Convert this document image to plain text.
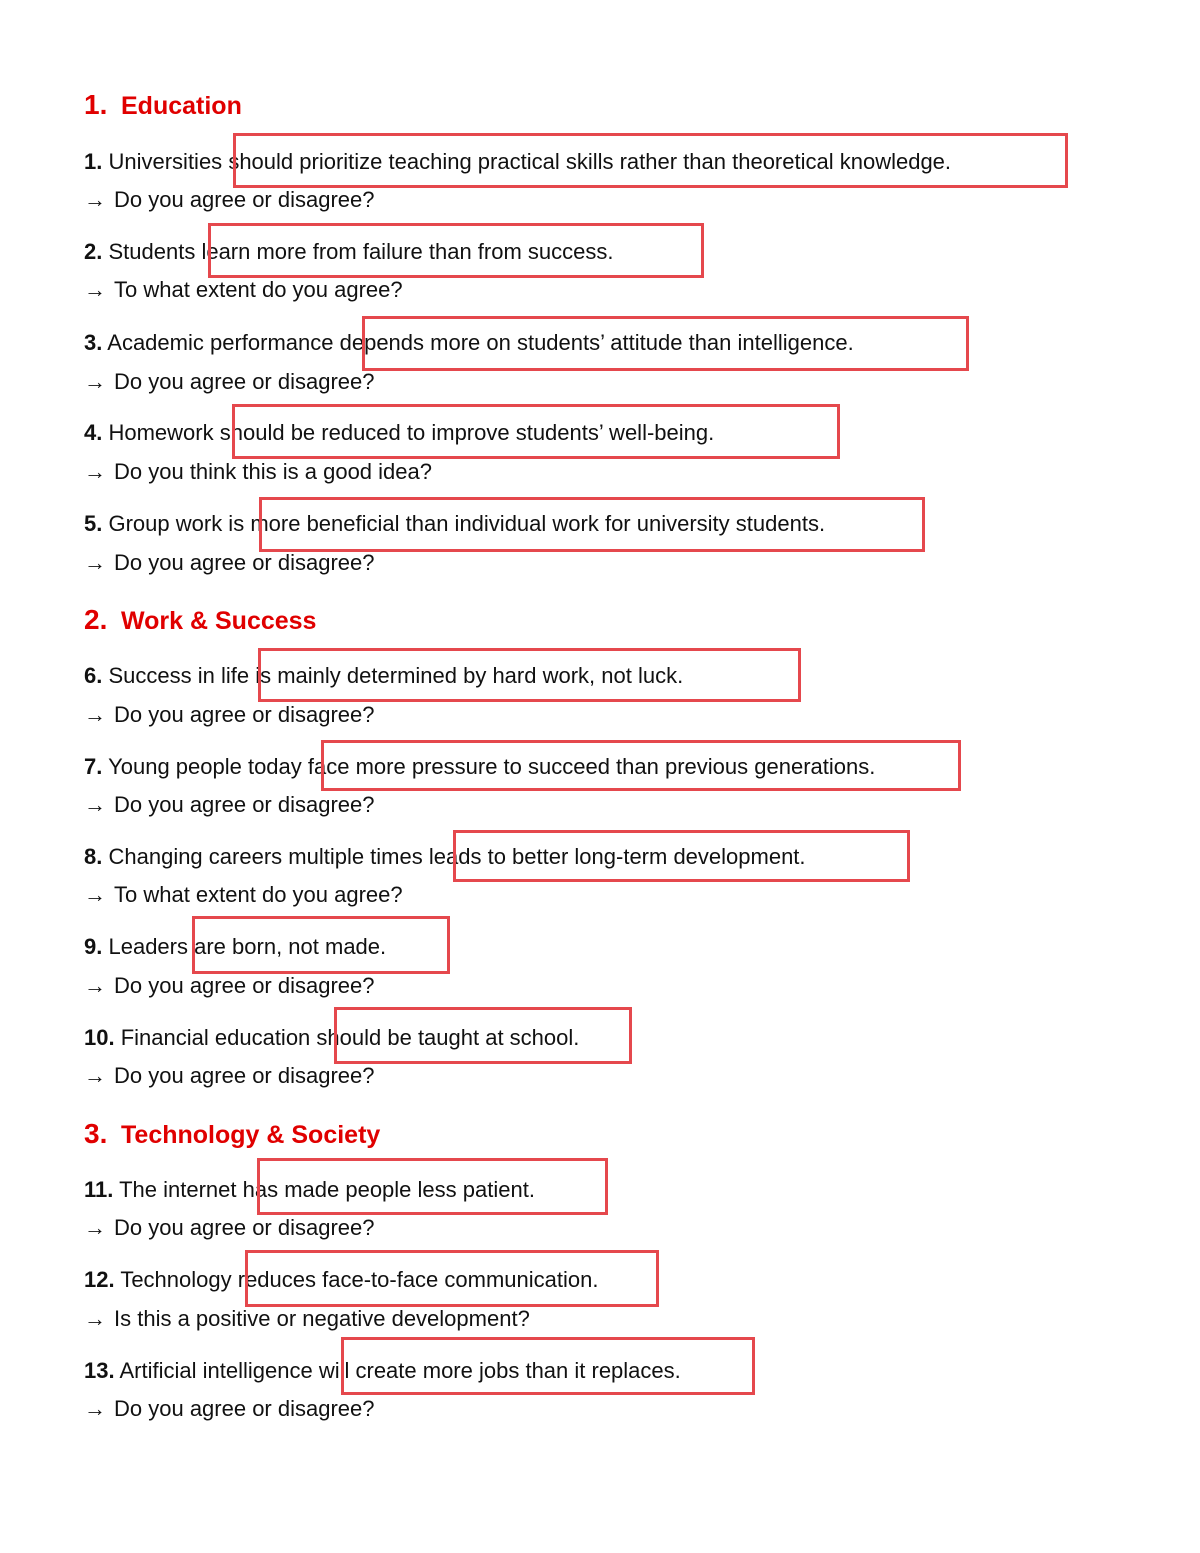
1. Education
1. Universities should prioritize teaching practical skills rather than theoretical knowledge.
→ Do you agree or disagree?
2. Students learn more from failure than from success.
→ To what extent do you agree?
3. Academic performance depends more on students’ attitude than intelligence.
→ Do you agree or disagree?
4. Homework should be reduced to improve students’ well-being.
→ Do you think this is a good idea?
5. Group work is more beneficial than individual work for university students.
→ Do you agree or disagree?
2. Work & Success
6. Success in life is mainly determined by hard work, not luck.
→ Do you agree or disagree?
7. Young people today face more pressure to succeed than previous generations.
→ Do you agree or disagree?
8. Changing careers multiple times leads to better long-term development.
→ To what extent do you agree?
9. Leaders are born, not made.
→ Do you agree or disagree?
10. Financial education should be taught at school.
→ Do you agree or disagree?
3. Technology & Society
11. The internet has made people less patient.
→ Do you agree or disagree?
12. Technology reduces face-to-face communication.
→ Is this a positive or negative development?
13. Artificial intelligence will create more jobs than it replaces.
→ Do you agree or disagree?
